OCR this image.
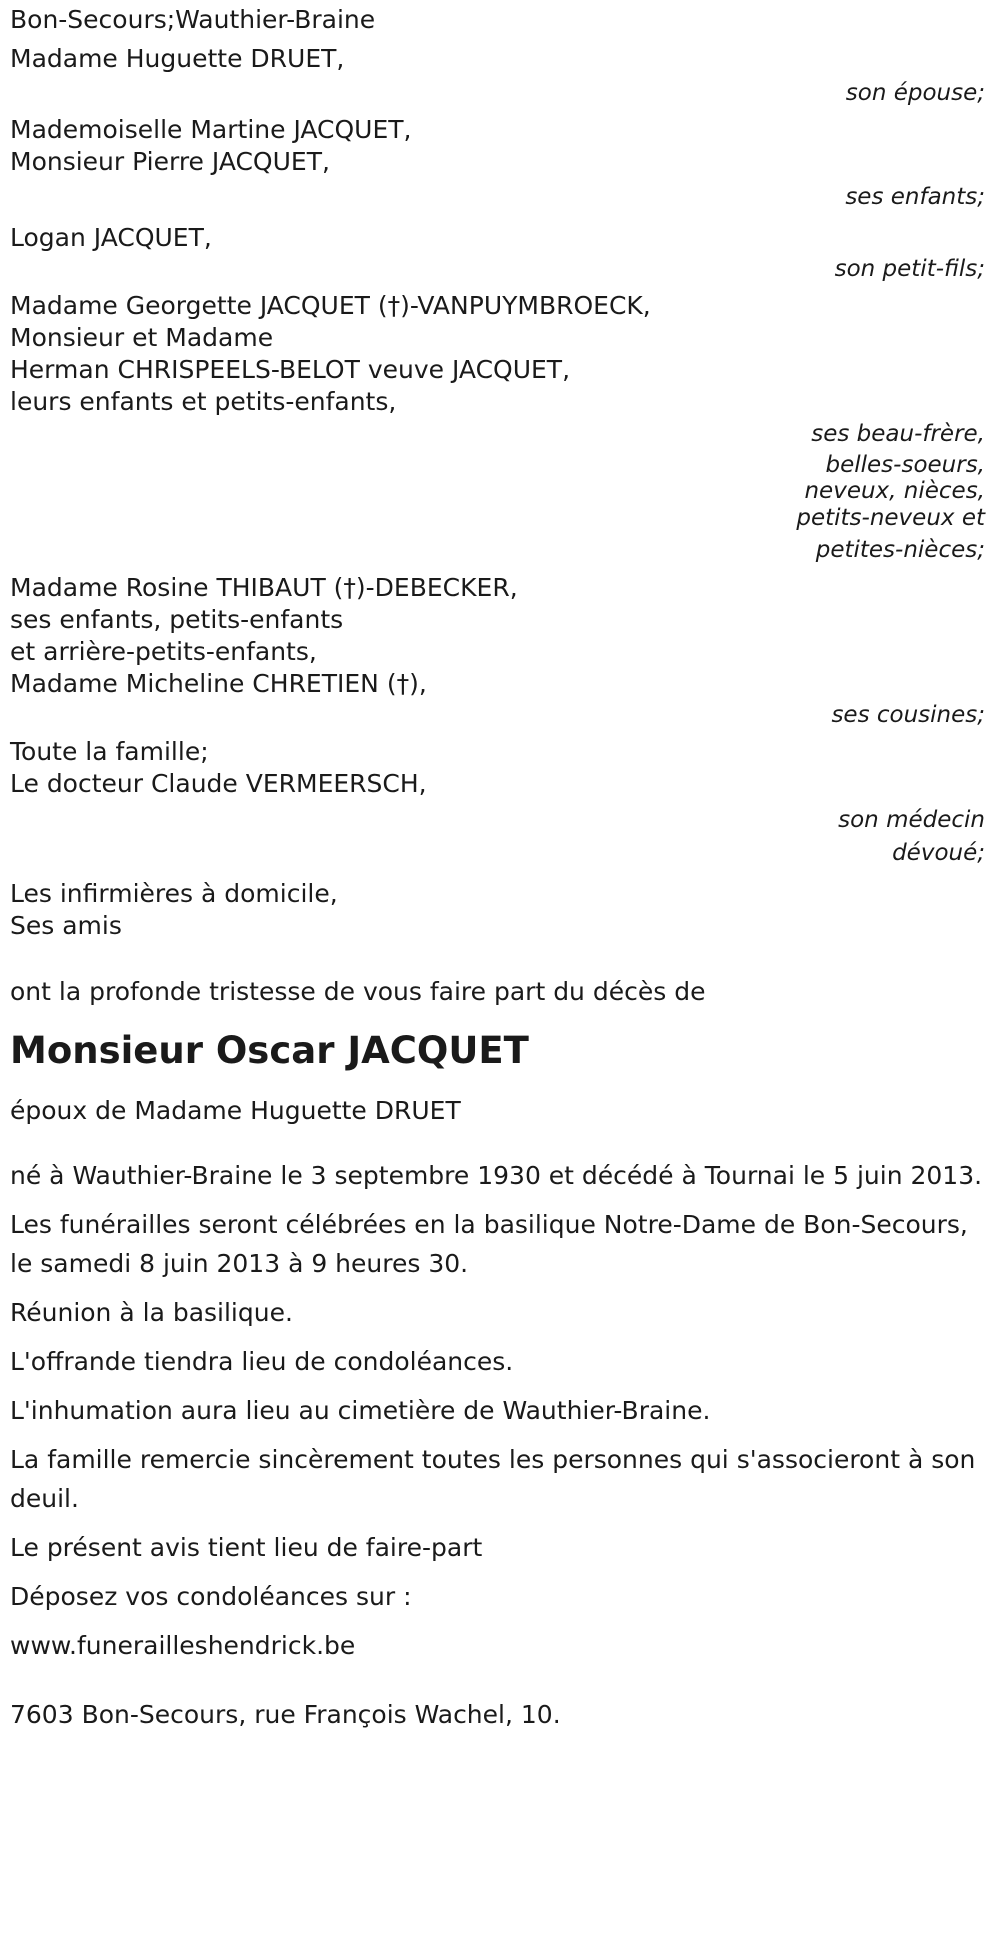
Bon-Secours;Wauthier-Braine
Madame Huguette DRUET,
son épouse;
Mademoiselle Martine JACQUET,
Monsieur Pierre JACQUET,
ses enfants;
Logan JACQUET,
son petit-fils;
Madame Georgette JACQUET (†)-VANPUYMBROECK,
Monsieur et Madame
Herman CHRISPEELS-BELOT veuve JACQUET,
leurs enfants et petits-enfants,
ses beau-frère,
belles-soeurs,
neveux, nièces,
petits-neveux et
petites-nièces;
Madame Rosine THIBAUT (†)-DEBECKER,
ses enfants, petits-enfants
et arrière-petits-enfants,
Madame Micheline CHRETIEN (†),
ses cousines;
Toute la famille;
Le docteur Claude VERMEERSCH,
son médecin
dévoué;
Les infirmières à domicile,
Ses amis
ont la profonde tristesse de vous faire part du décès de
Monsieur Oscar JACQUET
époux de Madame Huguette DRUET
né à Wauthier-Braine le 3 septembre 1930 et décédé à Tournai le 5 juin 2013.
Les funérailles seront célébrées en la basilique Notre-Dame de Bon-Secours, le samedi 8 juin 2013 à 9 heures 30.
Réunion à la basilique.
L'offrande tiendra lieu de condoléances.
L'inhumation aura lieu au cimetière de Wauthier-Braine.
La famille remercie sincèrement toutes les personnes qui s'associeront à son deuil.
Le présent avis tient lieu de faire-part
Déposez vos condoléances sur :
www.funerailleshendrick.be
7603 Bon-Secours, rue François Wachel, 10.
